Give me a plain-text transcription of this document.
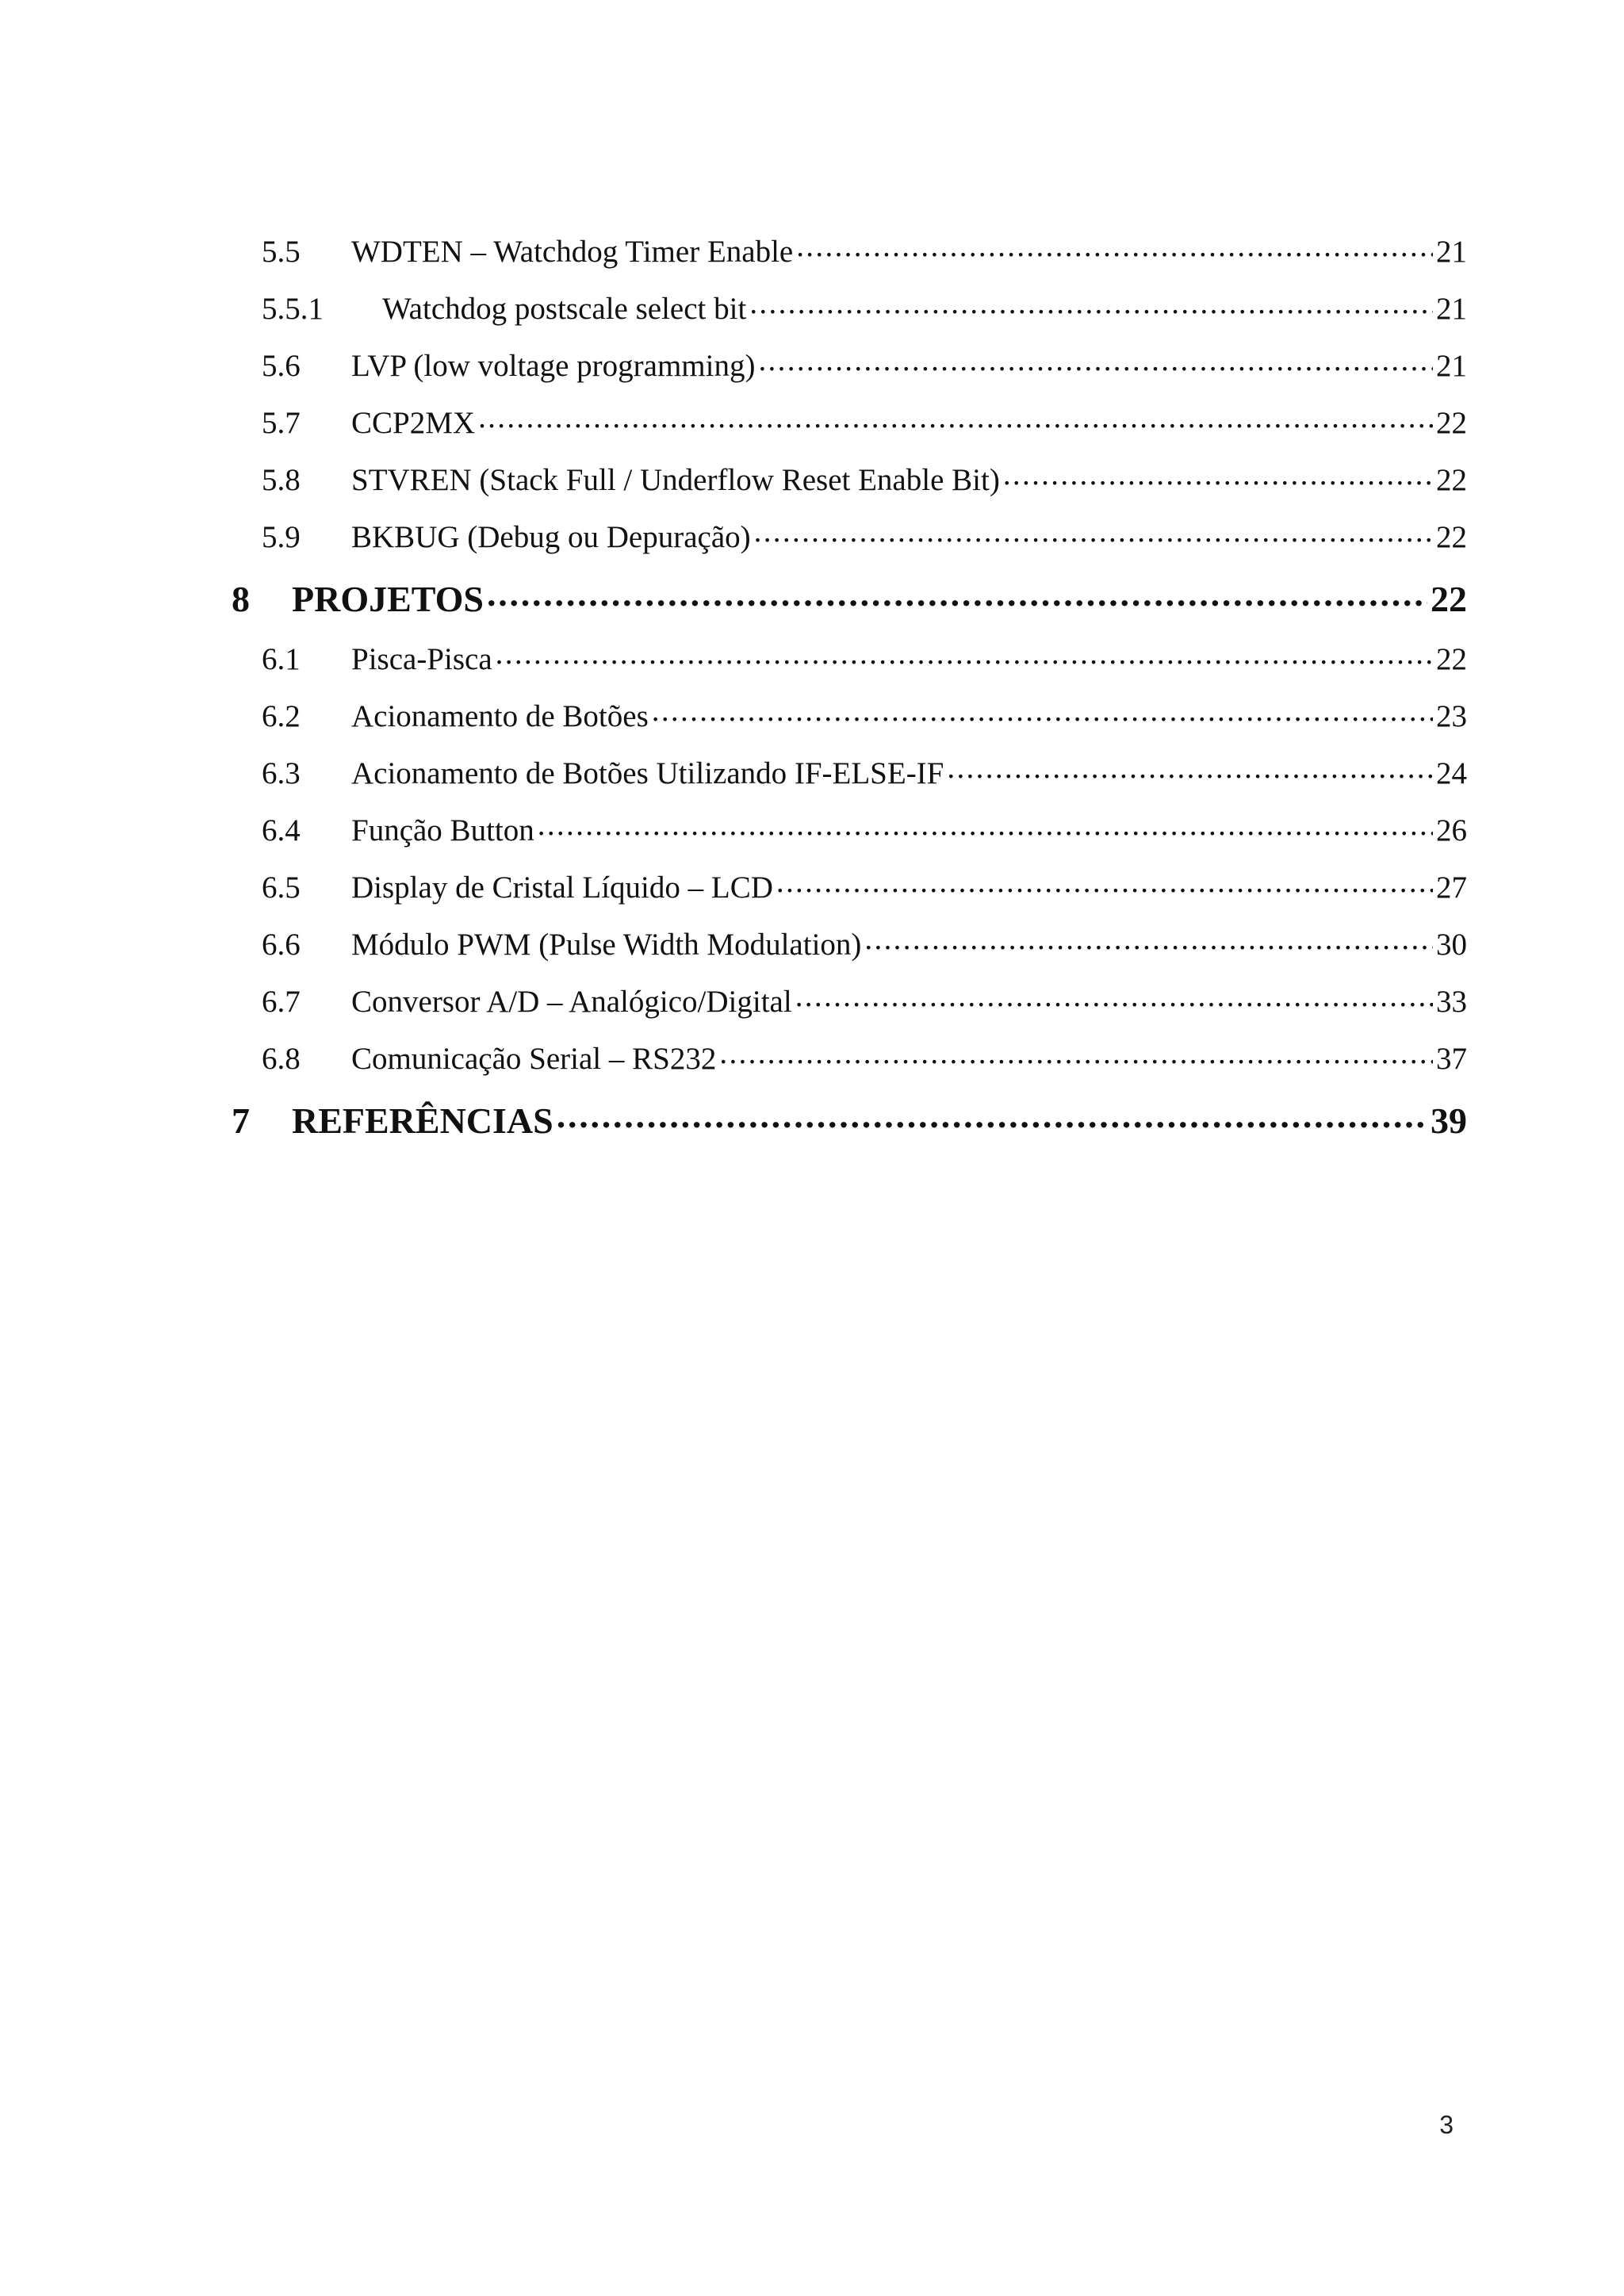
5.5	WDTEN – Watchdog Timer Enable .....	21
5.5.1	Watchdog postscale select bit .....	21
5.6	LVP (low voltage programming) .....	21
5.7	CCP2MX .....	22
5.8	STVREN (Stack Full / Underflow Reset Enable Bit) .....	22
5.9	BKBUG (Debug ou Depuração) .....	22
8	PROJETOS .....	22
6.1	Pisca-Pisca .....	22
6.2	Acionamento de Botões .....	23
6.3	Acionamento de Botões Utilizando IF-ELSE-IF .....	24
6.4	Função Button .....	26
6.5	Display de Cristal Líquido – LCD .....	27
6.6	Módulo PWM (Pulse Width Modulation) .....	30
6.7	Conversor A/D – Analógico/Digital .....	33
6.8	Comunicação Serial – RS232 .....	37
7	REFERÊNCIAS .....	39
3
